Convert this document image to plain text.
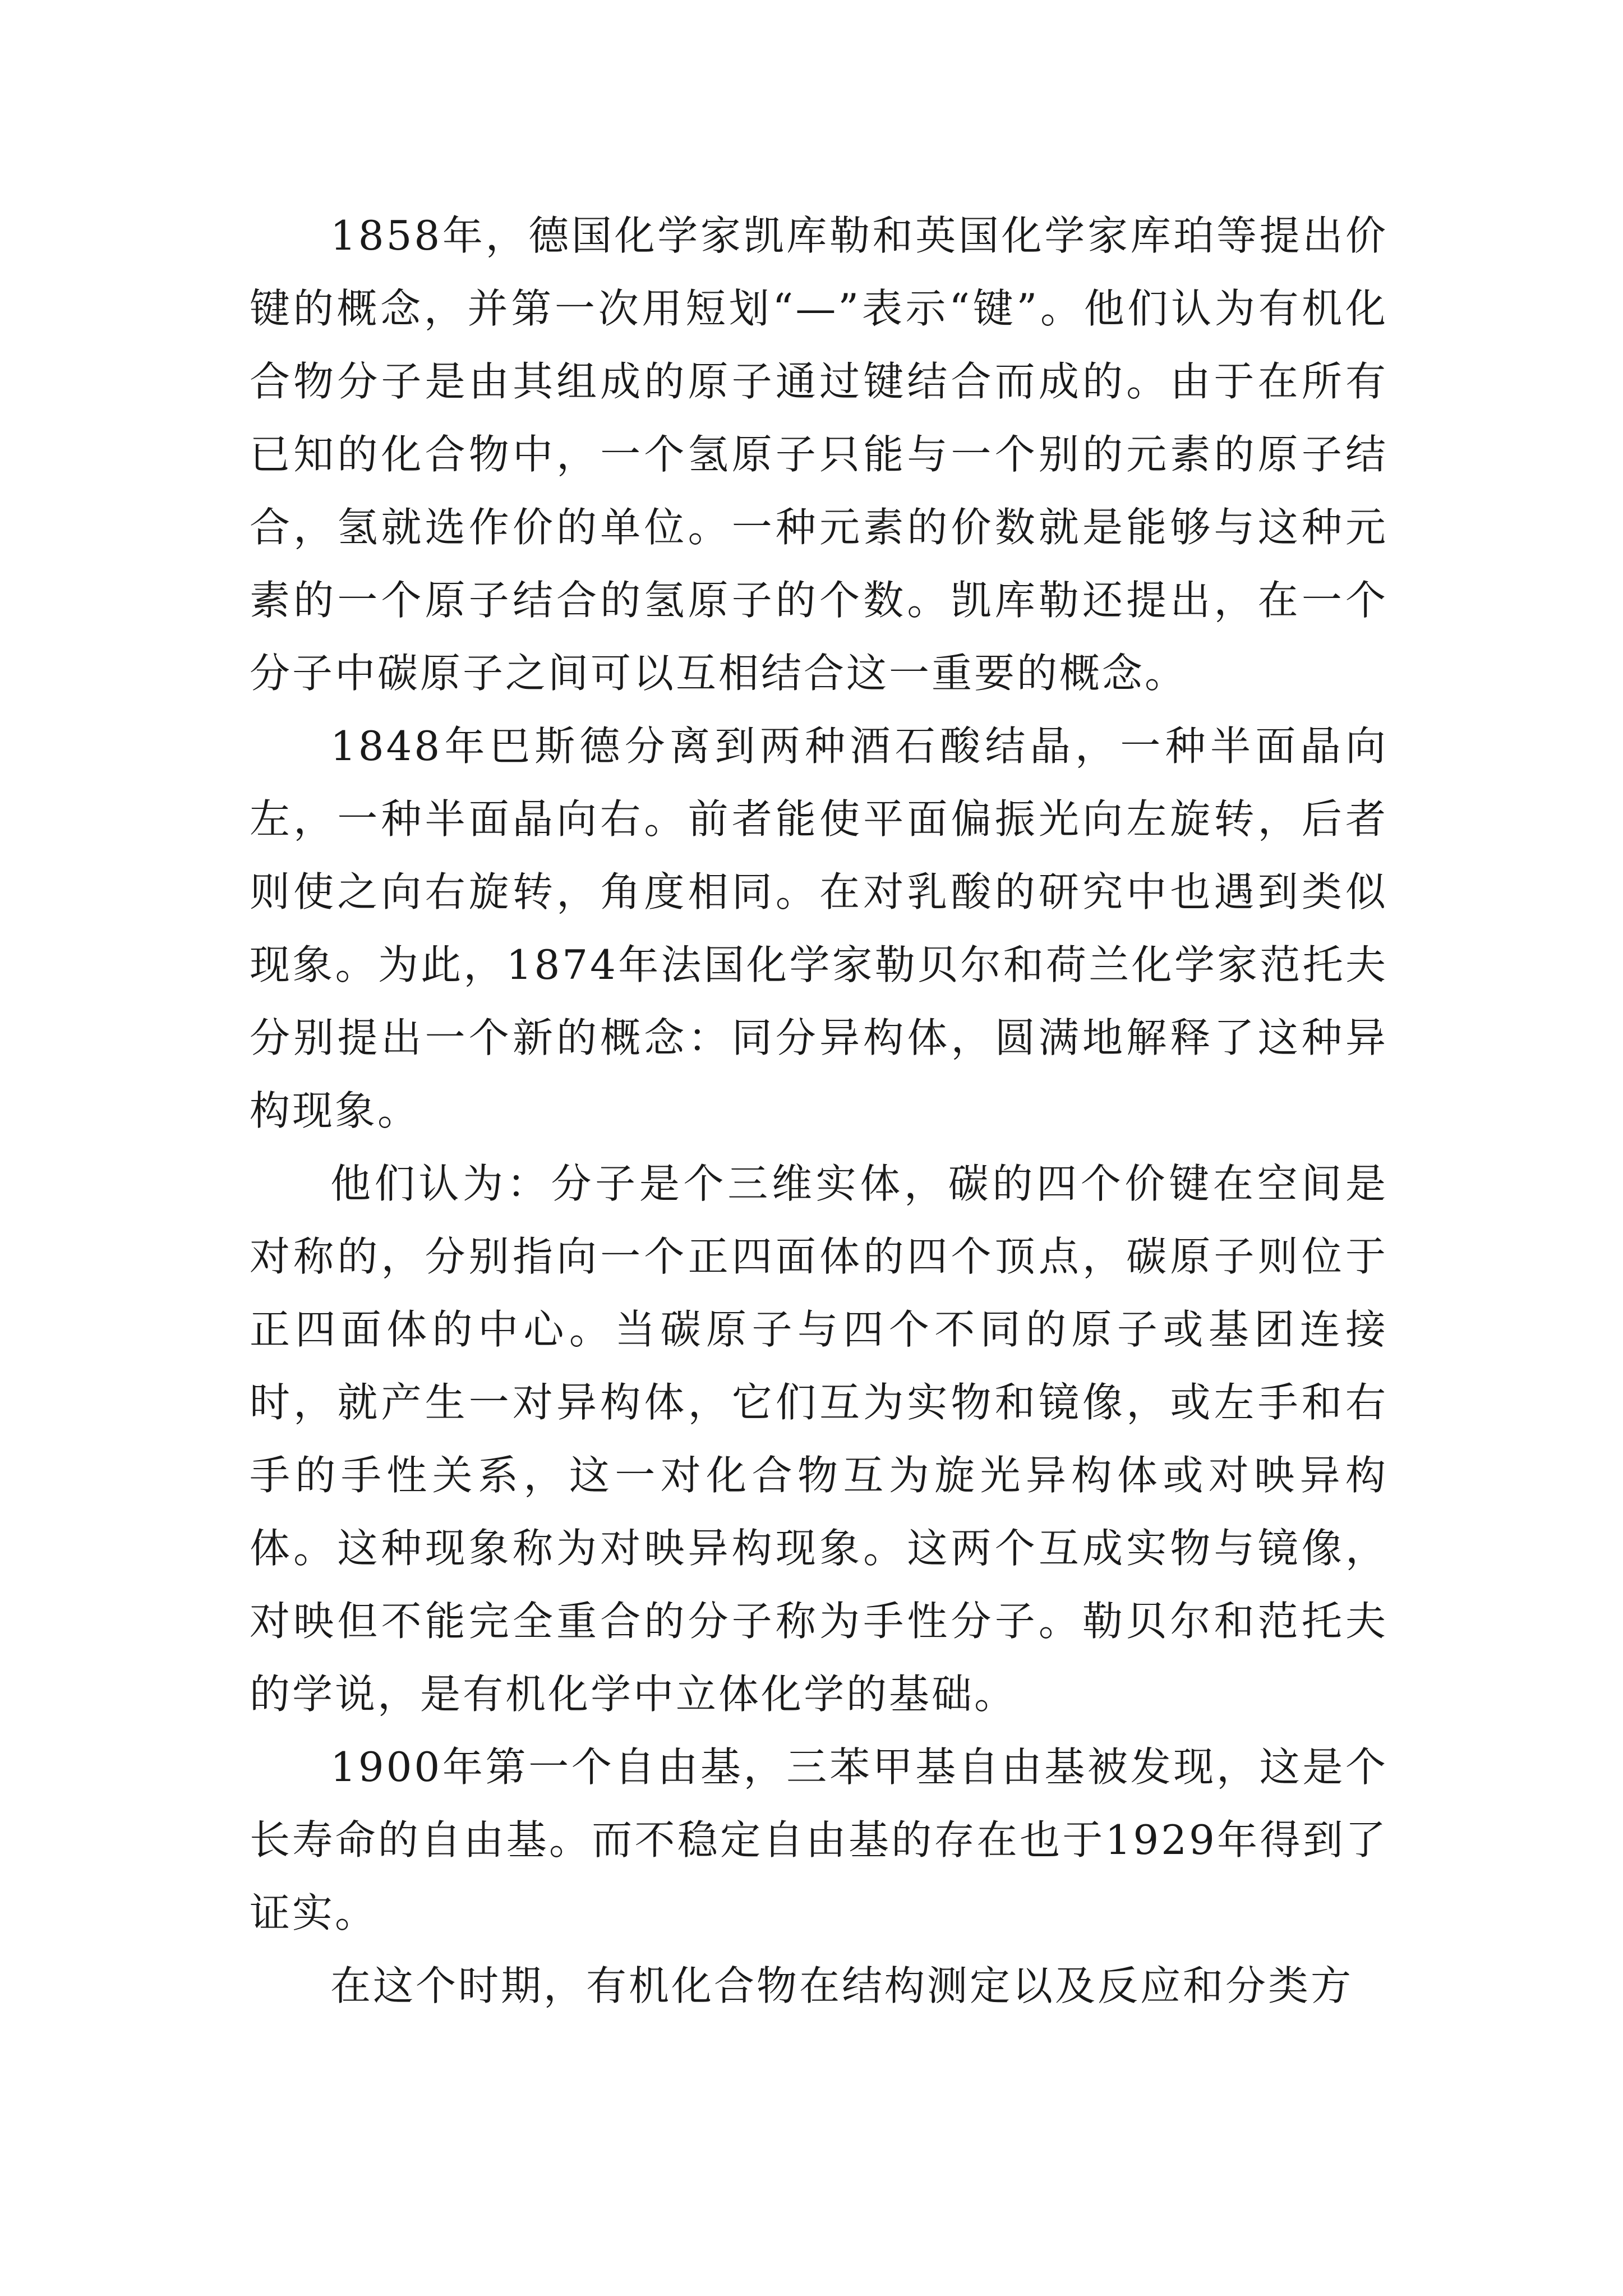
1858年，德国化学家凯库勒和英国化学家库珀等提出价键的概念，并第一次用短划“—”表示“键”。他们认为有机化合物分子是由其组成的原子通过键结合而成的。由于在所有已知的化合物中，一个氢原子只能与一个别的元素的原子结合，氢就选作价的单位。一种元素的价数就是能够与这种元素的一个原子结合的氢原子的个数。凯库勒还提出，在一个分子中碳原子之间可以互相结合这一重要的概念。

1848年巴斯德分离到两种酒石酸结晶，一种半面晶向左，一种半面晶向右。前者能使平面偏振光向左旋转，后者则使之向右旋转，角度相同。在对乳酸的研究中也遇到类似现象。为此，1874年法国化学家勒贝尔和荷兰化学家范托夫分别提出一个新的概念：同分异构体，圆满地解释了这种异构现象。

他们认为：分子是个三维实体，碳的四个价键在空间是对称的，分别指向一个正四面体的四个顶点，碳原子则位于正四面体的中心。当碳原子与四个不同的原子或基团连接时，就产生一对异构体，它们互为实物和镜像，或左手和右手的手性关系，这一对化合物互为旋光异构体或对映异构体。这种现象称为对映异构现象。这两个互成实物与镜像，对映但不能完全重合的分子称为手性分子。勒贝尔和范托夫的学说，是有机化学中立体化学的基础。

1900年第一个自由基，三苯甲基自由基被发现，这是个长寿命的自由基。而不稳定自由基的存在也于1929年得到了证实。

在这个时期，有机化合物在结构测定以及反应和分类方
